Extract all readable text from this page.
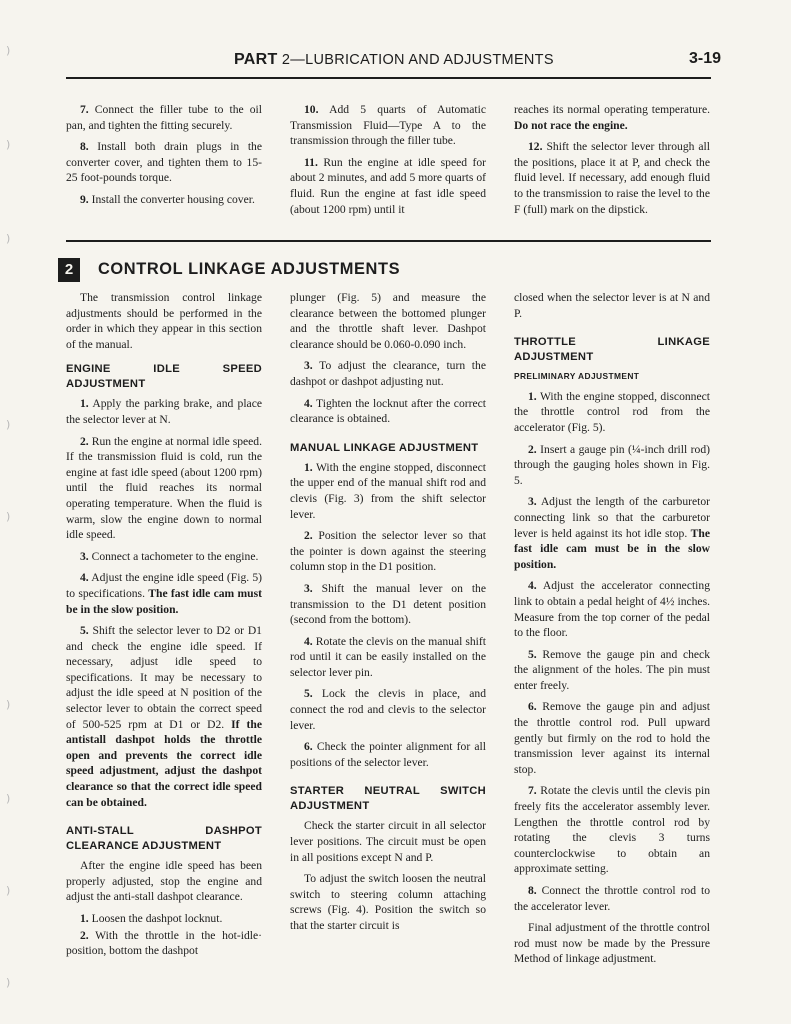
)
)
)
)
)
)
)
)
)
PART 2—LUBRICATION AND ADJUSTMENTS	3-19

7. Connect the filler tube to the oil pan, and tighten the fitting securely.

8. Install both drain plugs in the converter cover, and tighten them to 15-25 foot-pounds torque.

9. Install the converter housing cover.

10. Add 5 quarts of Automatic Transmission Fluid—Type A to the transmission through the filler tube.

11. Run the engine at idle speed for about 2 minutes, and add 5 more quarts of fluid. Run the engine at fast idle speed (about 1200 rpm) until it

reaches its normal operating temperature. Do not race the engine.

12. Shift the selector lever through all the positions, place it at P, and check the fluid level. If necessary, add enough fluid to the transmission to raise the level to the F (full) mark on the dipstick.

2	CONTROL LINKAGE ADJUSTMENTS

The transmission control linkage adjustments should be performed in the order in which they appear in this section of the manual.

ENGINE IDLE SPEED ADJUSTMENT

1. Apply the parking brake, and place the selector lever at N.

2. Run the engine at normal idle speed. If the transmission fluid is cold, run the engine at fast idle speed (about 1200 rpm) until the fluid reaches its normal operating temperature. When the fluid is warm, slow the engine down to normal idle speed.

3. Connect a tachometer to the engine.

4. Adjust the engine idle speed (Fig. 5) to specifications. The fast idle cam must be in the slow position.

5. Shift the selector lever to D2 or D1 and check the engine idle speed. If necessary, adjust idle speed to specifications. It may be necessary to adjust the idle speed at N position of the selector lever to obtain the correct speed of 500-525 rpm at D1 or D2. If the antistall dashpot holds the throttle open and prevents the correct idle speed adjustment, adjust the dashpot clearance so that the correct idle speed can be obtained.

ANTI-STALL DASHPOT CLEARANCE ADJUSTMENT

After the engine idle speed has been properly adjusted, stop the engine and adjust the anti-stall dashpot clearance.

1. Loosen the dashpot locknut.

2. With the throttle in the hot-idle· position, bottom the dashpot

plunger (Fig. 5) and measure the clearance between the bottomed plunger and the throttle shaft lever. Dashpot clearance should be 0.060-0.090 inch.

3. To adjust the clearance, turn the dashpot or dashpot adjusting nut.

4. Tighten the locknut after the correct clearance is obtained.

MANUAL LINKAGE ADJUSTMENT

1. With the engine stopped, disconnect the upper end of the manual shift rod and clevis (Fig. 3) from the shift selector lever.

2. Position the selector lever so that the pointer is down against the steering column stop in the D1 position.

3. Shift the manual lever on the transmission to the D1 detent position (second from the bottom).

4. Rotate the clevis on the manual shift rod until it can be easily installed on the selector lever pin.

5. Lock the clevis in place, and connect the rod and clevis to the selector lever.

6. Check the pointer alignment for all positions of the selector lever.

STARTER NEUTRAL SWITCH ADJUSTMENT

Check the starter circuit in all selector lever positions. The circuit must be open in all positions except N and P.

To adjust the switch loosen the neutral switch to steering column attaching screws (Fig. 4). Position the switch so that the starter circuit is

closed when the selector lever is at N and P.

THROTTLE LINKAGE ADJUSTMENT
PRELIMINARY ADJUSTMENT

1. With the engine stopped, disconnect the throttle control rod from the accelerator (Fig. 5).

2. Insert a gauge pin (¼-inch drill rod) through the gauging holes shown in Fig. 5.

3. Adjust the length of the carburetor connecting link so that the carburetor lever is held against its hot idle stop. The fast idle cam must be in the slow position.

4. Adjust the accelerator connecting link to obtain a pedal height of 4½ inches. Measure from the top corner of the pedal to the floor.

5. Remove the gauge pin and check the alignment of the holes. The pin must enter freely.

6. Remove the gauge pin and adjust the throttle control rod. Pull upward gently but firmly on the rod to hold the transmission lever against its internal stop.

7. Rotate the clevis until the clevis pin freely fits the accelerator assembly lever. Lengthen the throttle control rod by rotating the clevis 3 turns counterclockwise to obtain an approximate setting.

8. Connect the throttle control rod to the accelerator lever.

Final adjustment of the throttle control rod must now be made by the Pressure Method of linkage adjustment.
